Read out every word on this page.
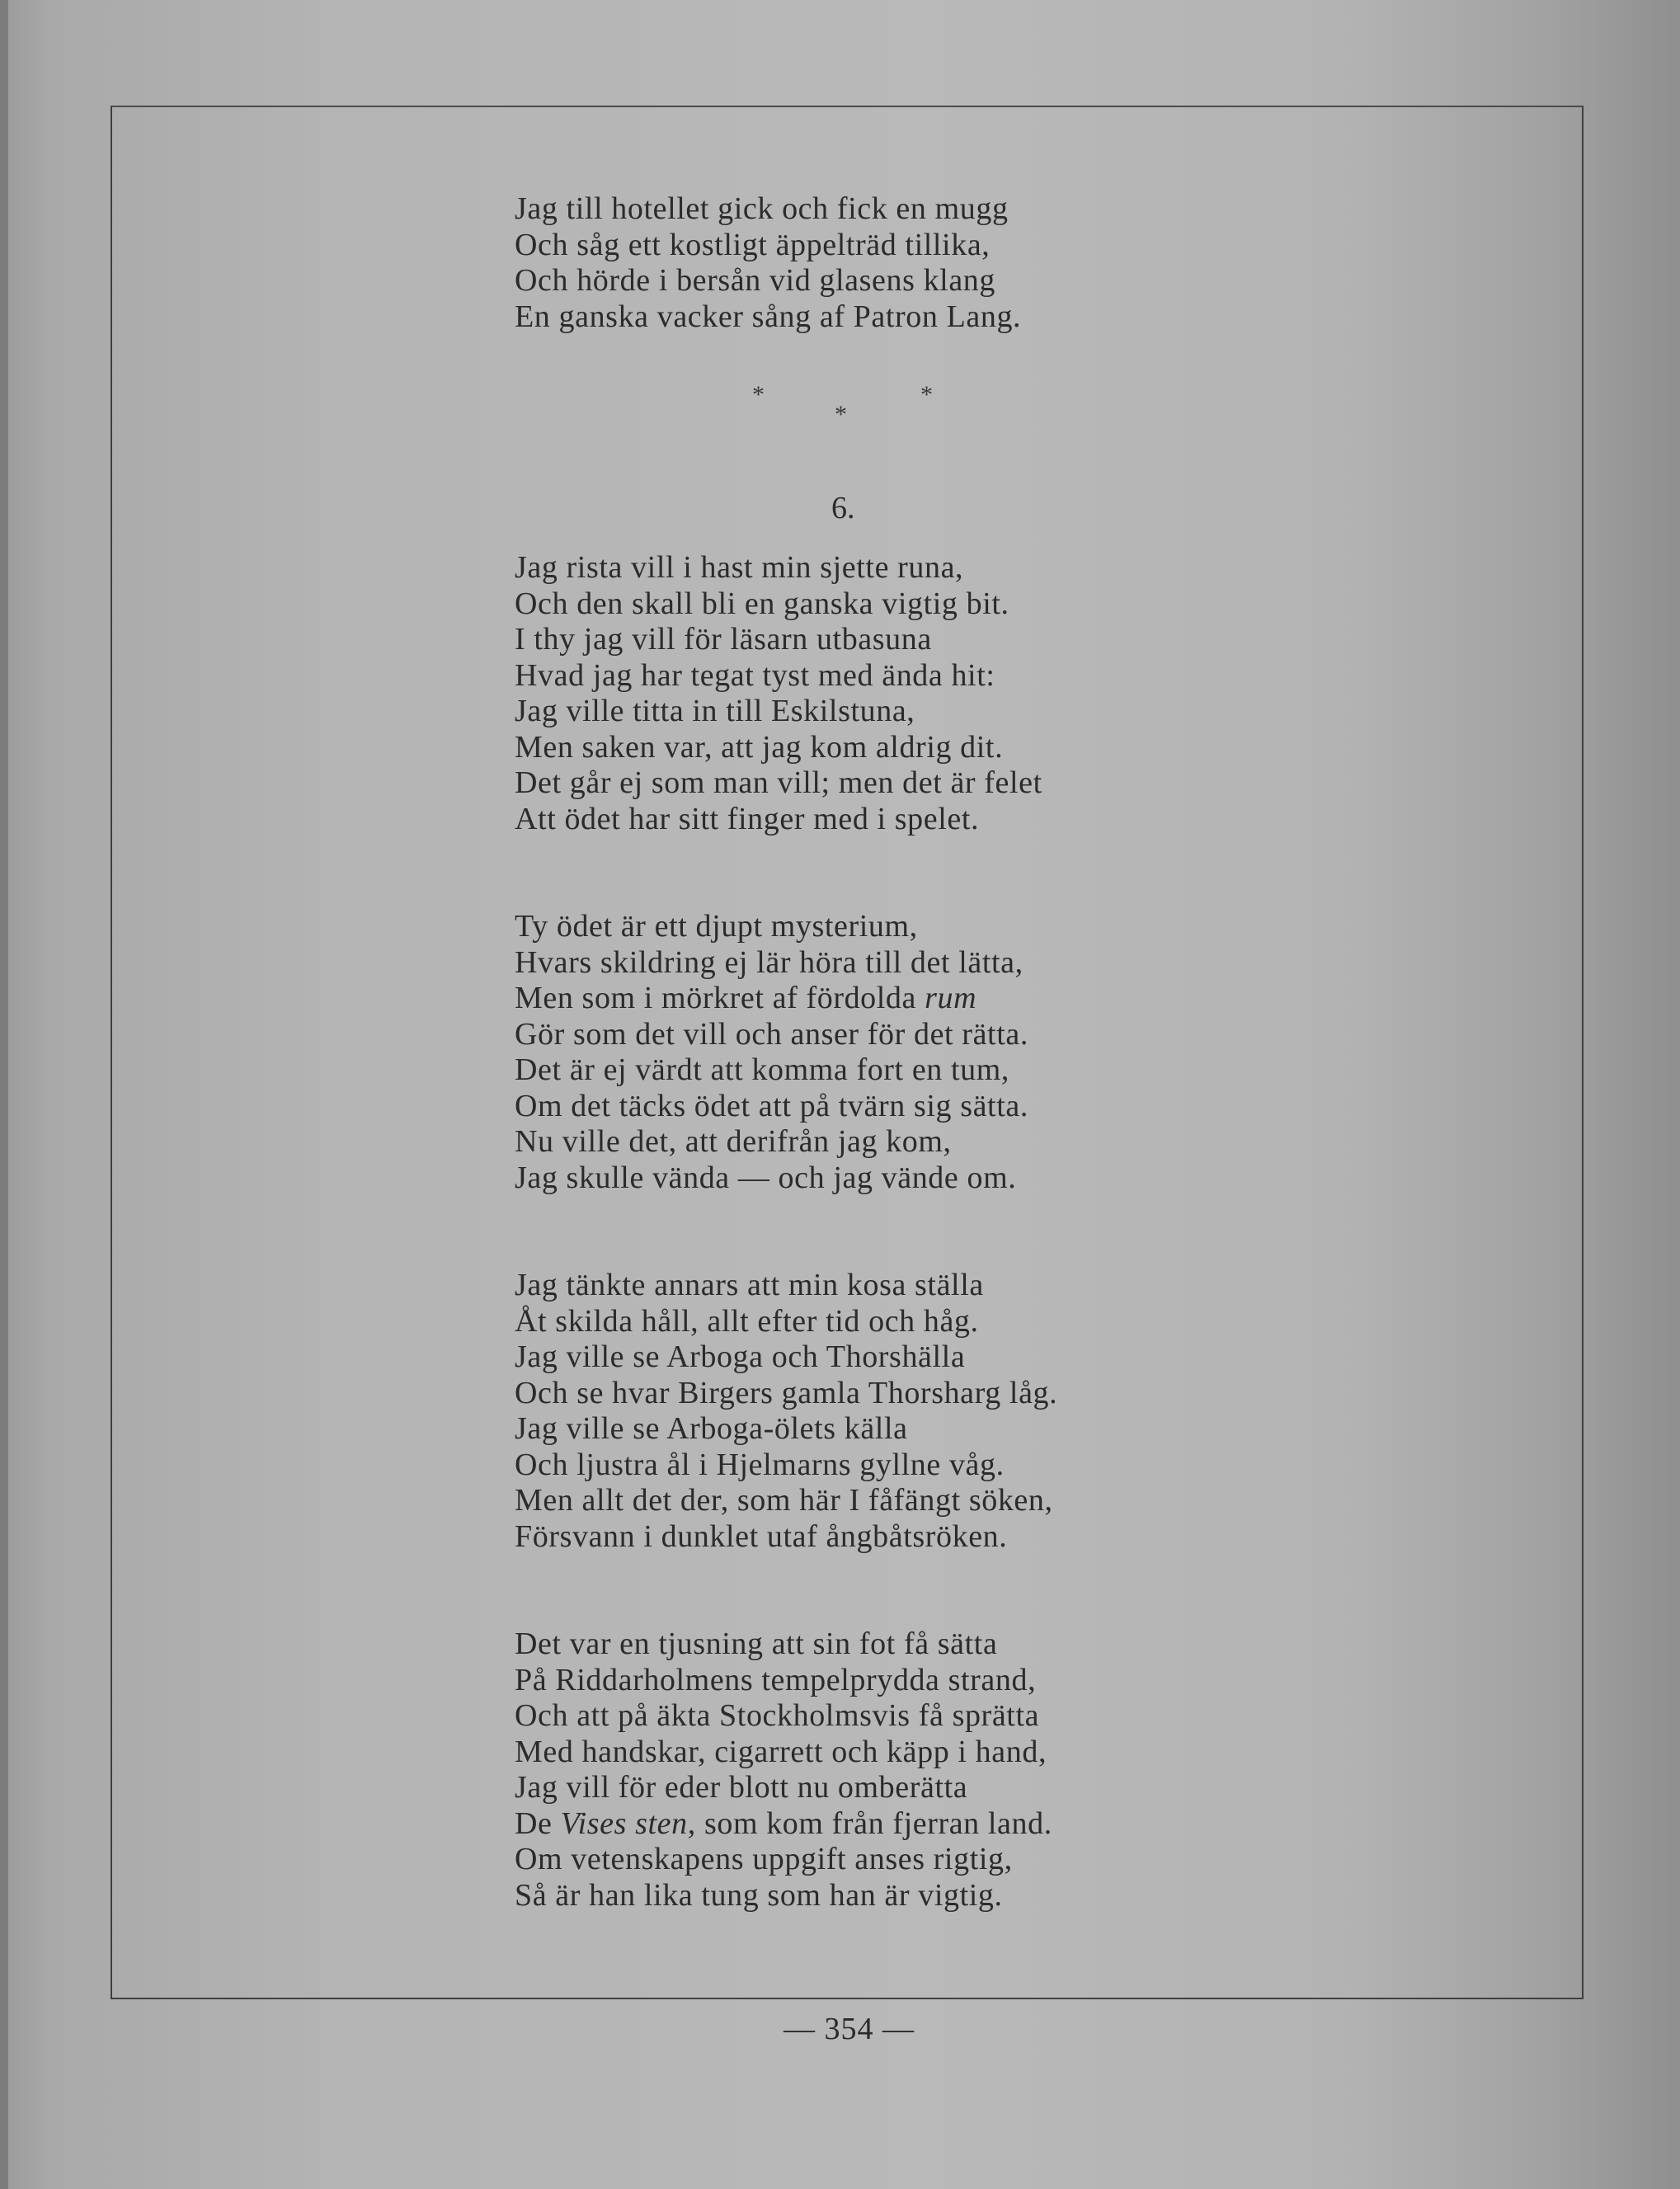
*
*
*
6.
Jag till hotellet gick och fick en mugg
Och såg ett kostligt äppelträd tillika,
Och hörde i bersån vid glasens klang
En ganska vacker sång af Patron Lang.
Jag rista vill i hast min sjette runa,
Och den skall bli en ganska vigtig bit.
I thy jag vill för läsarn utbasuna
Hvad jag har tegat tyst med ända hit:
Jag ville titta in till Eskilstuna,
Men saken var, att jag kom aldrig dit.
Det går ej som man vill; men det är felet
Att ödet har sitt finger med i spelet.
Ty ödet är ett djupt mysterium,
Hvars skildring ej lär höra till det lätta,
Men som i mörkret af fördolda rum
Gör som det vill och anser för det rätta.
Det är ej värdt att komma fort en tum,
Om det täcks ödet att på tvärn sig sätta.
Nu ville det, att derifrån jag kom,
Jag skulle vända — och jag vände om.
Jag tänkte annars att min kosa ställa
Åt skilda håll, allt efter tid och håg.
Jag ville se Arboga och Thorshälla
Och se hvar Birgers gamla Thorsharg låg.
Jag ville se Arboga-ölets källa
Och ljustra ål i Hjelmarns gyllne våg.
Men allt det der, som här I fåfängt söken,
Försvann i dunklet utaf ångbåtsröken.
Det var en tjusning att sin fot få sätta
På Riddarholmens tempelprydda strand,
Och att på äkta Stockholmsvis få sprätta
Med handskar, cigarrett och käpp i hand,
Jag vill för eder blott nu omberätta
De Vises sten, som kom från fjerran land.
Om vetenskapens uppgift anses rigtig,
Så är han lika tung som han är vigtig.
— 354 —
